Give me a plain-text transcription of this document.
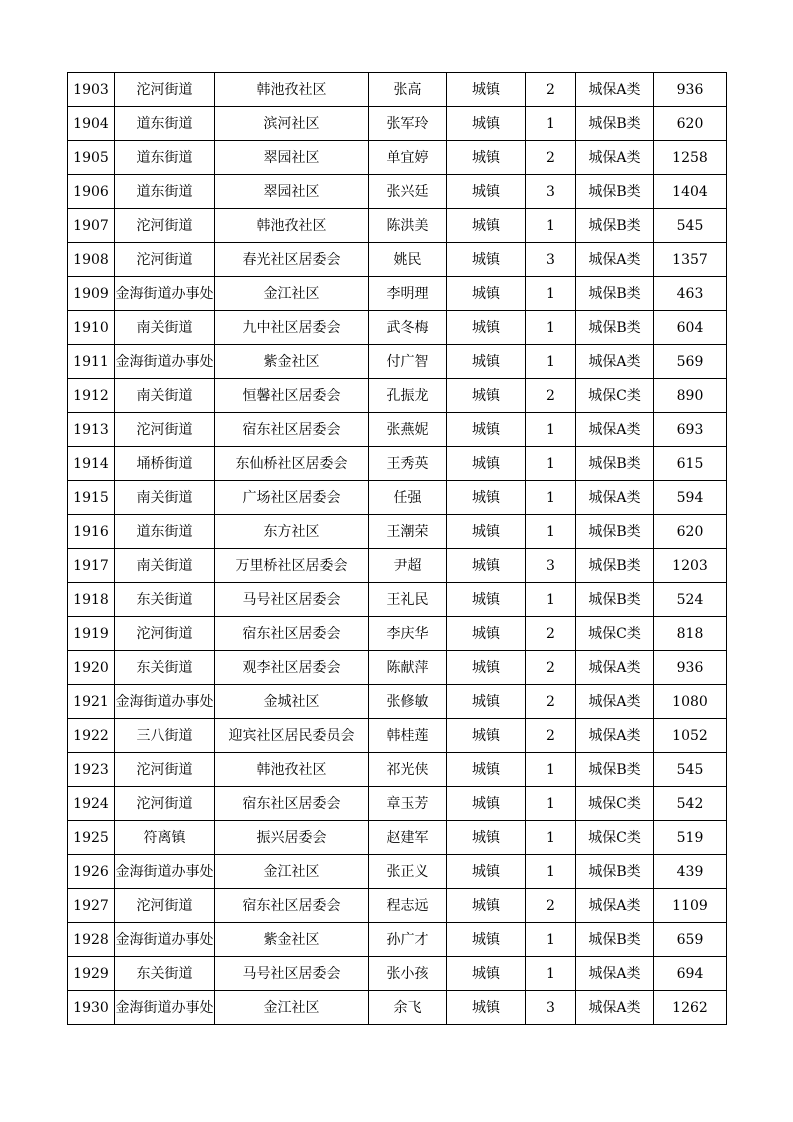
1903	沱河街道	韩池孜社区	张高	城镇	2	城保A类	936
1904	道东街道	滨河社区	张军玲	城镇	1	城保B类	620
1905	道东街道	翠园社区	单宜婷	城镇	2	城保A类	1258
1906	道东街道	翠园社区	张兴廷	城镇	3	城保B类	1404
1907	沱河街道	韩池孜社区	陈洪美	城镇	1	城保B类	545
1908	沱河街道	春光社区居委会	姚民	城镇	3	城保A类	1357
1909	金海街道办事处	金江社区	李明理	城镇	1	城保B类	463
1910	南关街道	九中社区居委会	武冬梅	城镇	1	城保B类	604
1911	金海街道办事处	紫金社区	付广智	城镇	1	城保A类	569
1912	南关街道	恒馨社区居委会	孔振龙	城镇	2	城保C类	890
1913	沱河街道	宿东社区居委会	张燕妮	城镇	1	城保A类	693
1914	埇桥街道	东仙桥社区居委会	王秀英	城镇	1	城保B类	615
1915	南关街道	广场社区居委会	任强	城镇	1	城保A类	594
1916	道东街道	东方社区	王潮荣	城镇	1	城保B类	620
1917	南关街道	万里桥社区居委会	尹超	城镇	3	城保B类	1203
1918	东关街道	马号社区居委会	王礼民	城镇	1	城保B类	524
1919	沱河街道	宿东社区居委会	李庆华	城镇	2	城保C类	818
1920	东关街道	观李社区居委会	陈献萍	城镇	2	城保A类	936
1921	金海街道办事处	金城社区	张修敏	城镇	2	城保A类	1080
1922	三八街道	迎宾社区居民委员会	韩桂莲	城镇	2	城保A类	1052
1923	沱河街道	韩池孜社区	祁光侠	城镇	1	城保B类	545
1924	沱河街道	宿东社区居委会	章玉芳	城镇	1	城保C类	542
1925	符离镇	振兴居委会	赵建军	城镇	1	城保C类	519
1926	金海街道办事处	金江社区	张正义	城镇	1	城保B类	439
1927	沱河街道	宿东社区居委会	程志远	城镇	2	城保A类	1109
1928	金海街道办事处	紫金社区	孙广才	城镇	1	城保B类	659
1929	东关街道	马号社区居委会	张小孩	城镇	1	城保A类	694
1930	金海街道办事处	金江社区	余飞	城镇	3	城保A类	1262
